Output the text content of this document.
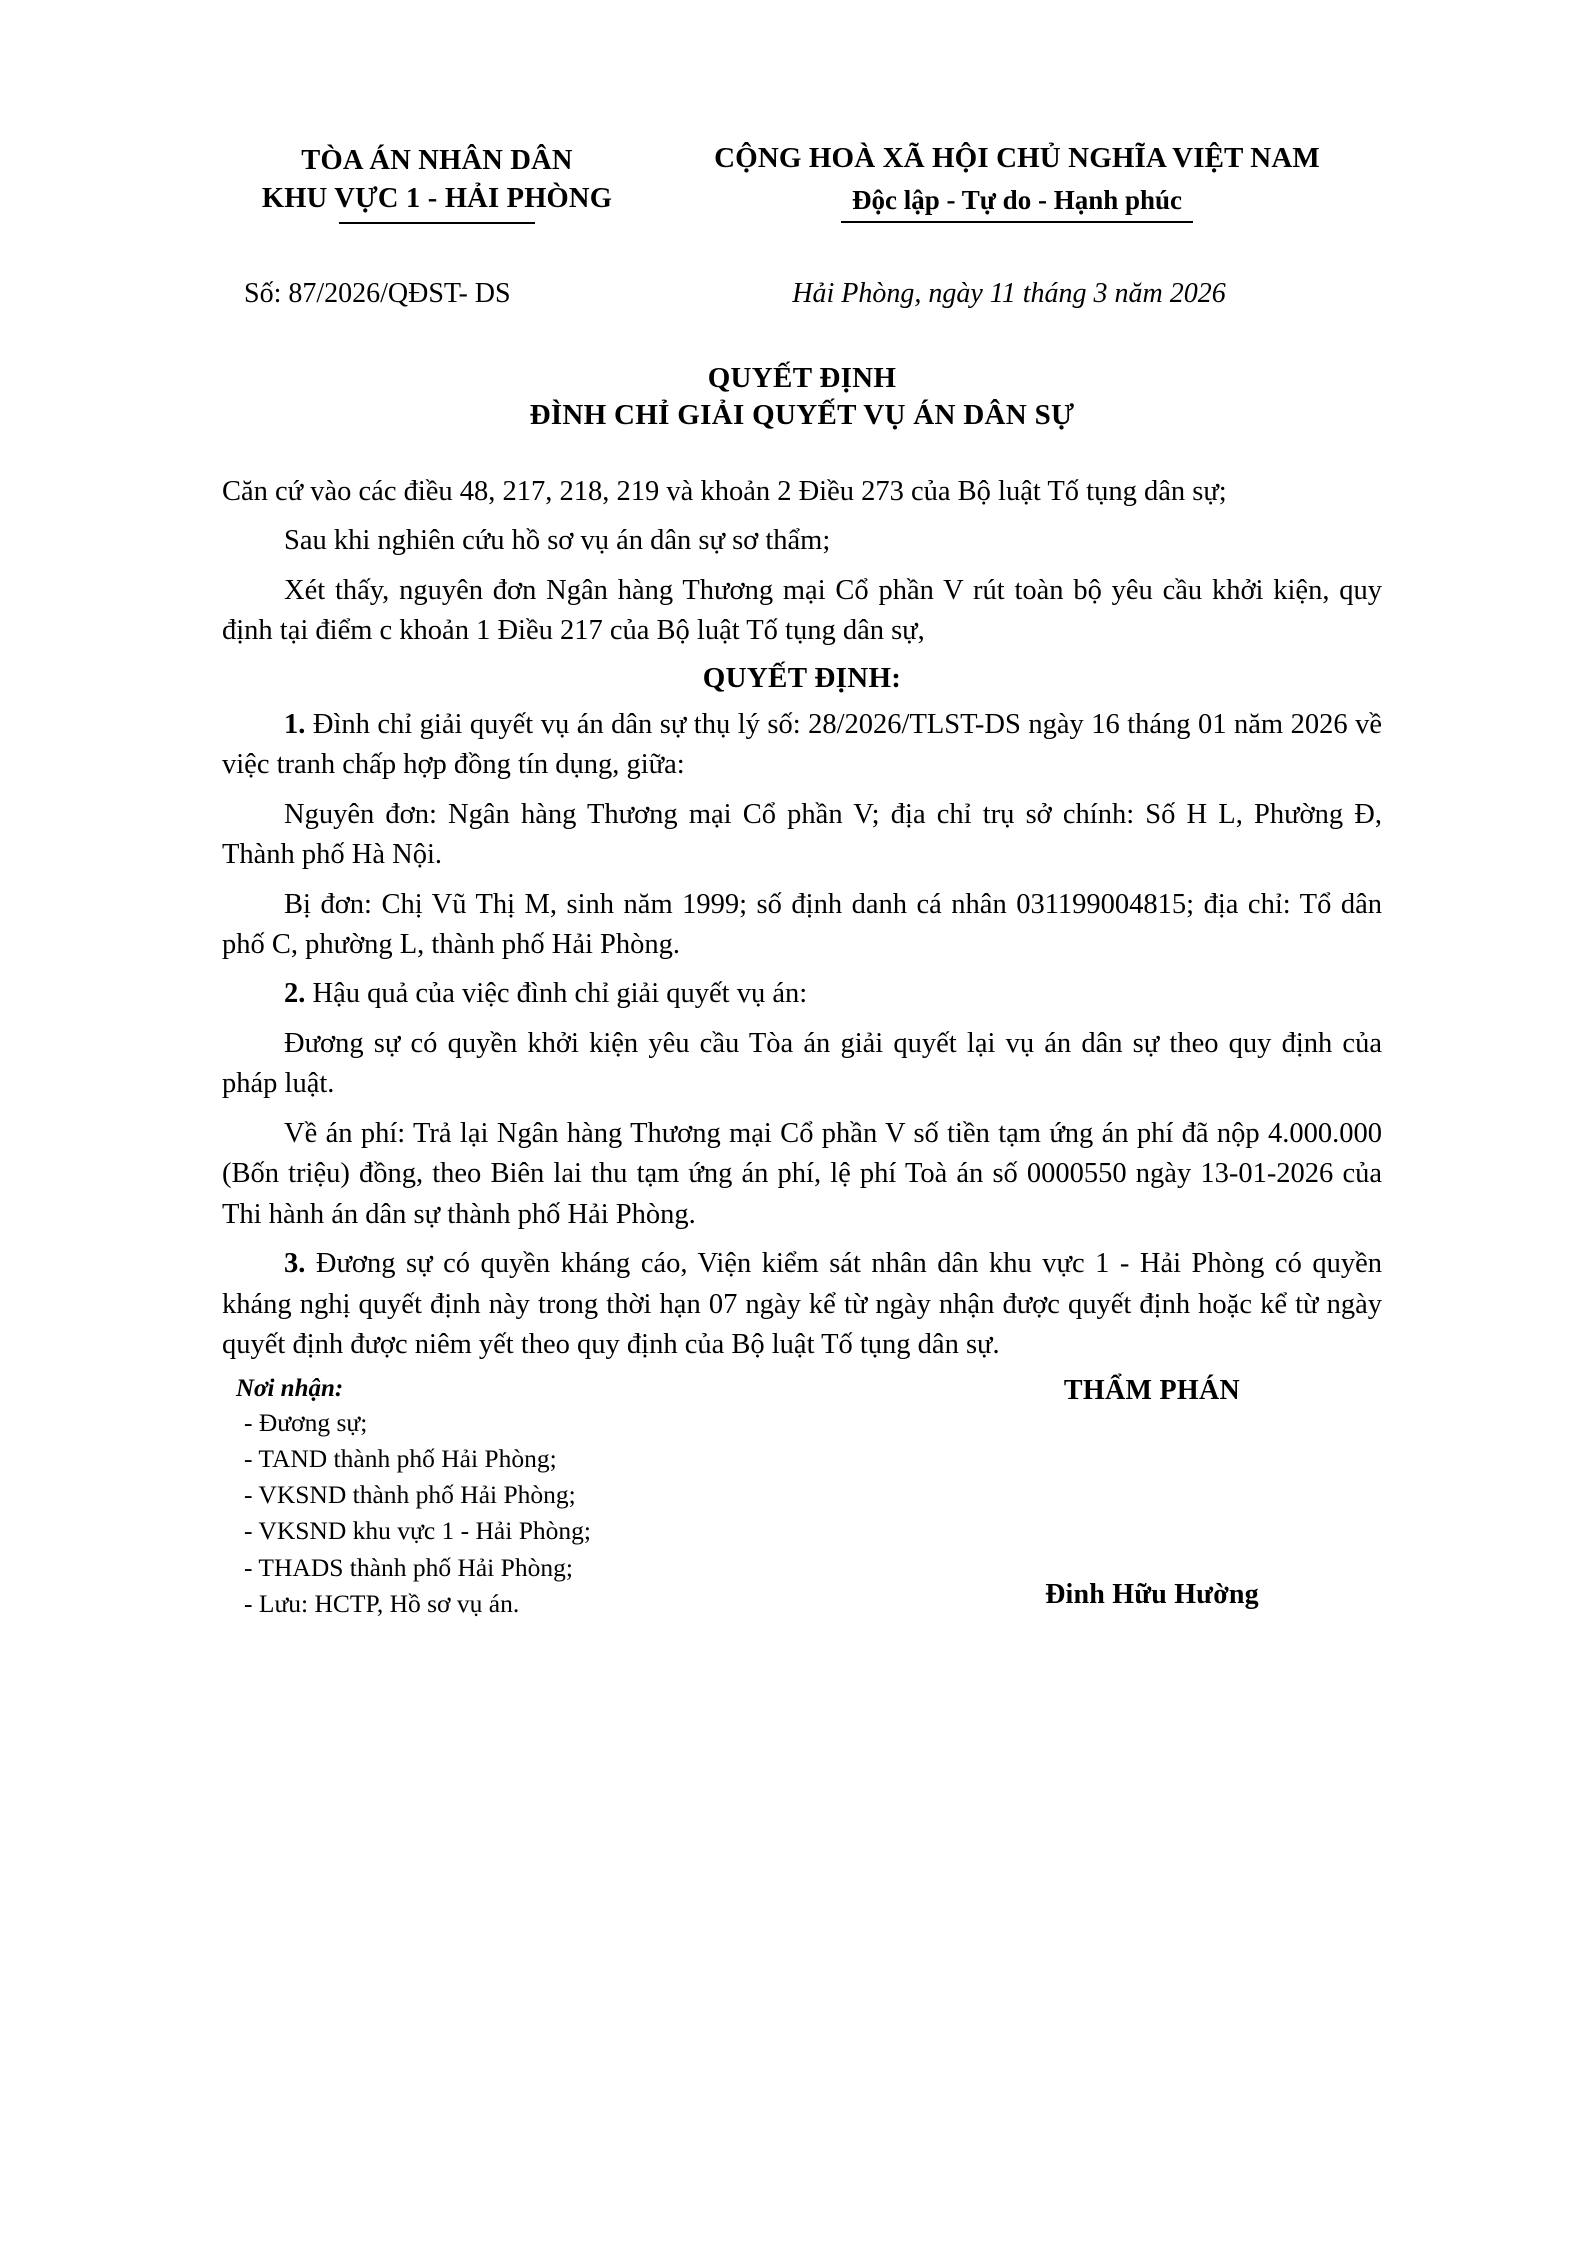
TÒA ÁN NHÂN DÂN
KHU VỰC 1 - HẢI PHÒNG
CỘNG HOÀ XÃ HỘI CHỦ NGHĨA VIỆT NAM
Độc lập - Tự do - Hạnh phúc
Số: 87/2026/QĐST- DS	Hải Phòng, ngày 11 tháng 3 năm 2026
QUYẾT ĐỊNH
ĐÌNH CHỈ GIẢI QUYẾT VỤ ÁN DÂN SỰ

Căn cứ vào các điều 48, 217, 218, 219 và khoản 2 Điều 273 của Bộ luật Tố tụng dân sự;

Sau khi nghiên cứu hồ sơ vụ án dân sự sơ thẩm;

Xét thấy, nguyên đơn Ngân hàng Thương mại Cổ phần V rút toàn bộ yêu cầu khởi kiện, quy định tại điểm c khoản 1 Điều 217 của Bộ luật Tố tụng dân sự,

QUYẾT ĐỊNH:

1. Đình chỉ giải quyết vụ án dân sự thụ lý số: 28/2026/TLST-DS ngày 16 tháng 01 năm 2026 về việc tranh chấp hợp đồng tín dụng, giữa:

Nguyên đơn: Ngân hàng Thương mại Cổ phần V; địa chỉ trụ sở chính: Số H L, Phường Đ, Thành phố Hà Nội.

Bị đơn: Chị Vũ Thị M, sinh năm 1999; số định danh cá nhân 031199004815; địa chỉ: Tổ dân phố C, phường L, thành phố Hải Phòng.

2. Hậu quả của việc đình chỉ giải quyết vụ án:

Đương sự có quyền khởi kiện yêu cầu Tòa án giải quyết lại vụ án dân sự theo quy định của pháp luật.

Về án phí: Trả lại Ngân hàng Thương mại Cổ phần V số tiền tạm ứng án phí đã nộp 4.000.000 (Bốn triệu) đồng, theo Biên lai thu tạm ứng án phí, lệ phí Toà án số 0000550 ngày 13-01-2026 của Thi hành án dân sự thành phố Hải Phòng.

3. Đương sự có quyền kháng cáo, Viện kiểm sát nhân dân khu vực 1 - Hải Phòng có quyền kháng nghị quyết định này trong thời hạn 07 ngày kể từ ngày nhận được quyết định hoặc kể từ ngày quyết định được niêm yết theo quy định của Bộ luật Tố tụng dân sự.

Nơi nhận:
- Đương sự;
- TAND thành phố Hải Phòng;
- VKSND thành phố Hải Phòng;
- VKSND khu vực 1 - Hải Phòng;
- THADS thành phố Hải Phòng;
- Lưu: HCTP, Hồ sơ vụ án.
THẨM PHÁN
Đinh Hữu Hường
